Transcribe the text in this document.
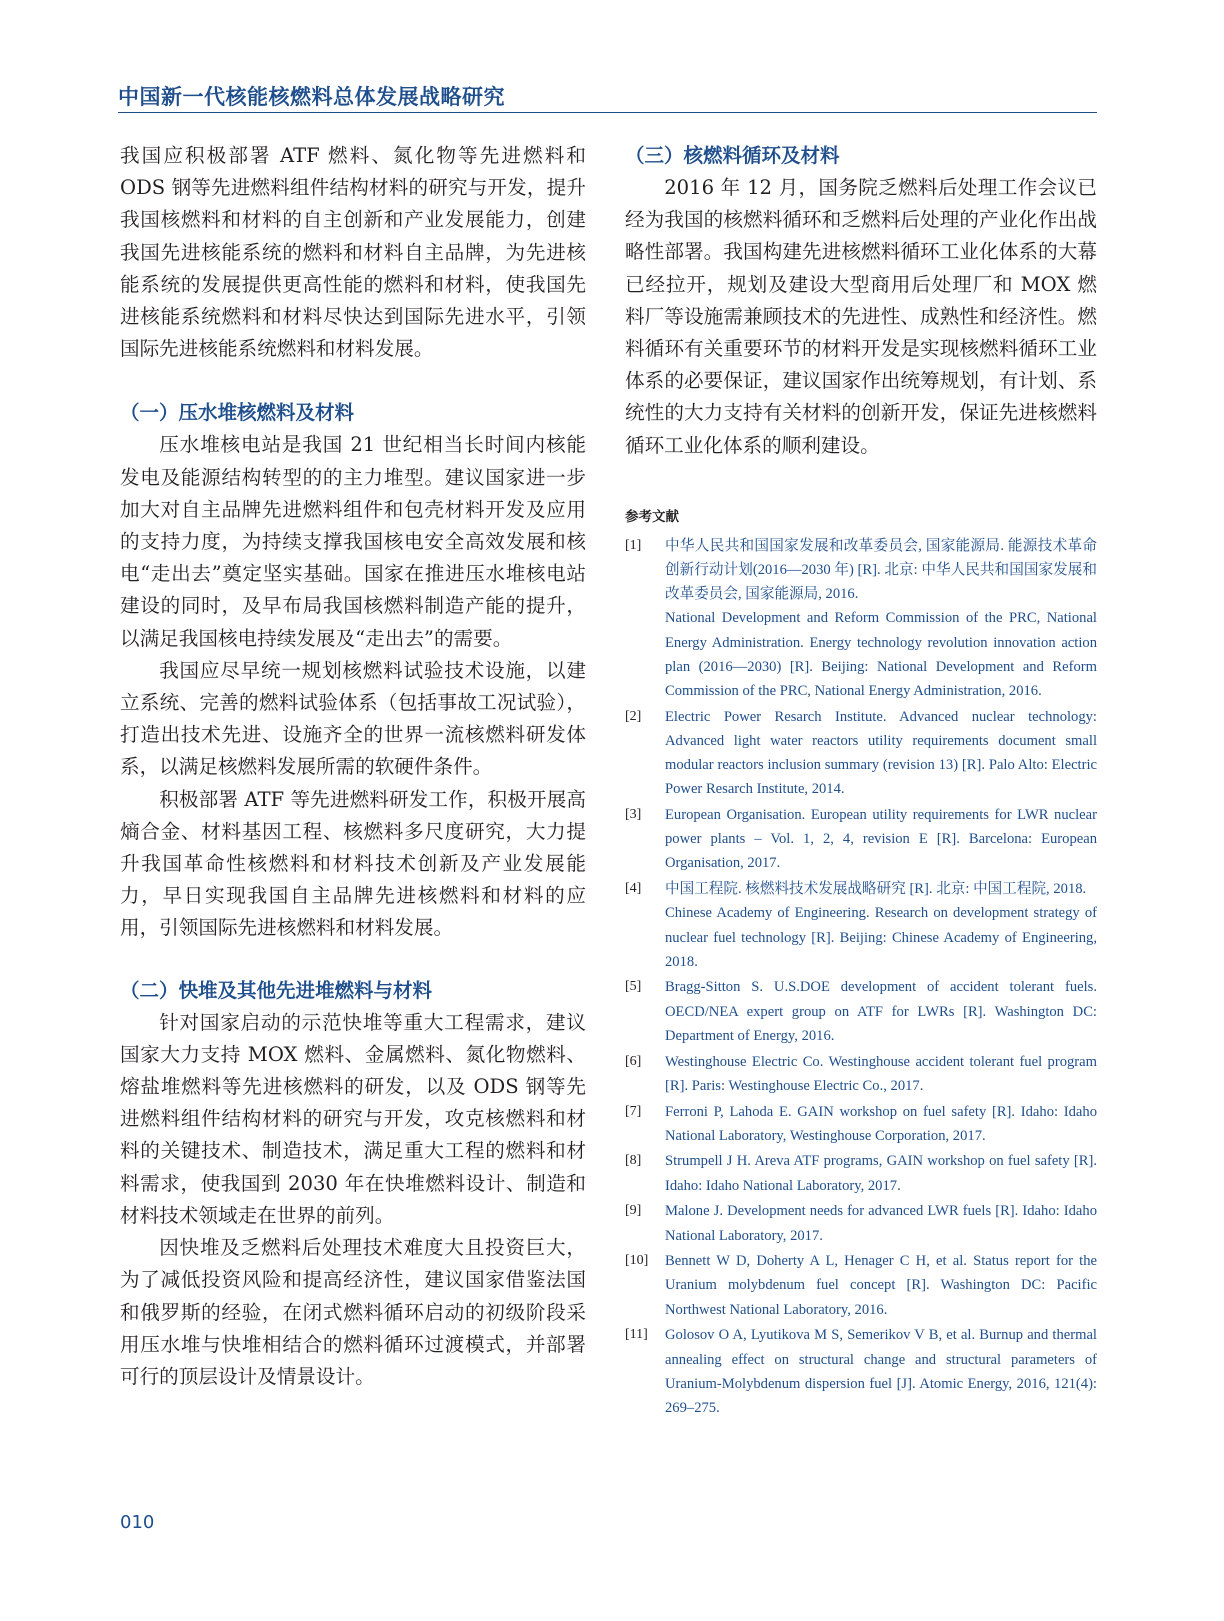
中国新一代核能核燃料总体发展战略研究

我国应积极部署 ATF 燃料、氮化物等先进燃料和 ODS 钢等先进燃料组件结构材料的研究与开发，提升我国核燃料和材料的自主创新和产业发展能力，创建我国先进核能系统的燃料和材料自主品牌，为先进核能系统的发展提供更高性能的燃料和材料，使我国先进核能系统燃料和材料尽快达到国际先进水平，引领国际先进核能系统燃料和材料发展。

（一）压水堆核燃料及材料

压水堆核电站是我国 21 世纪相当长时间内核能发电及能源结构转型的的主力堆型。建议国家进一步加大对自主品牌先进燃料组件和包壳材料开发及应用的支持力度，为持续支撑我国核电安全高效发展和核电“走出去”奠定坚实基础。国家在推进压水堆核电站建设的同时，及早布局我国核燃料制造产能的提升，以满足我国核电持续发展及“走出去”的需要。

我国应尽早统一规划核燃料试验技术设施，以建立系统、完善的燃料试验体系（包括事故工况试验），打造出技术先进、设施齐全的世界一流核燃料研发体系，以满足核燃料发展所需的软硬件条件。

积极部署 ATF 等先进燃料研发工作，积极开展高熵合金、材料基因工程、核燃料多尺度研究，大力提升我国革命性核燃料和材料技术创新及产业发展能力，早日实现我国自主品牌先进核燃料和材料的应用，引领国际先进核燃料和材料发展。

（二）快堆及其他先进堆燃料与材料

针对国家启动的示范快堆等重大工程需求，建议国家大力支持 MOX 燃料、金属燃料、氮化物燃料、熔盐堆燃料等先进核燃料的研发，以及 ODS 钢等先进燃料组件结构材料的研究与开发，攻克核燃料和材料的关键技术、制造技术，满足重大工程的燃料和材料需求，使我国到 2030 年在快堆燃料设计、制造和材料技术领域走在世界的前列。

因快堆及乏燃料后处理技术难度大且投资巨大，为了减低投资风险和提高经济性，建议国家借鉴法国和俄罗斯的经验，在闭式燃料循环启动的初级阶段采用压水堆与快堆相结合的燃料循环过渡模式，并部署可行的顶层设计及情景设计。

（三）核燃料循环及材料

2016 年 12 月，国务院乏燃料后处理工作会议已经为我国的核燃料循环和乏燃料后处理的产业化作出战略性部署。我国构建先进核燃料循环工业化体系的大幕已经拉开，规划及建设大型商用后处理厂和 MOX 燃料厂等设施需兼顾技术的先进性、成熟性和经济性。燃料循环有关重要环节的材料开发是实现核燃料循环工业体系的必要保证，建议国家作出统筹规划，有计划、系统性的大力支持有关材料的创新开发，保证先进核燃料循环工业化体系的顺利建设。

参考文献

[1]	中华人民共和国国家发展和改革委员会, 国家能源局. 能源技术革命创新行动计划(2016—2030 年) [R]. 北京: 中华人民共和国国家发展和改革委员会, 国家能源局, 2016.

National Development and Reform Commission of the PRC, National Energy Administration. Energy technology revolution innovation action plan (2016—2030) [R]. Beijing: National Development and Reform Commission of the PRC, National Energy Administration, 2016.

[2]	Electric Power Resarch Institute. Advanced nuclear technology: Advanced light water reactors utility requirements document small modular reactors inclusion summary (revision 13) [R]. Palo Alto: Electric Power Resarch Institute, 2014.

[3]	European Organisation. European utility requirements for LWR nuclear power plants – Vol. 1, 2, 4, revision E [R]. Barcelona: European Organisation, 2017.

[4]	中国工程院. 核燃料技术发展战略研究 [R]. 北京: 中国工程院, 2018.

Chinese Academy of Engineering. Research on development strategy of nuclear fuel technology [R]. Beijing: Chinese Academy of Engineering, 2018.

[5]	Bragg-Sitton S. U.S.DOE development of accident tolerant fuels. OECD/NEA expert group on ATF for LWRs [R]. Washington DC: Department of Energy, 2016.

[6]	Westinghouse Electric Co. Westinghouse accident tolerant fuel program [R]. Paris: Westinghouse Electric Co., 2017.

[7]	Ferroni P, Lahoda E. GAIN workshop on fuel safety [R]. Idaho: Idaho National Laboratory, Westinghouse Corporation, 2017.

[8]	Strumpell J H. Areva ATF programs, GAIN workshop on fuel safety [R]. Idaho: Idaho National Laboratory, 2017.

[9]	Malone J. Development needs for advanced LWR fuels [R]. Idaho: Idaho National Laboratory, 2017.

[10]	Bennett W D, Doherty A L, Henager C H, et al. Status report for the Uranium molybdenum fuel concept [R]. Washington DC: Pacific Northwest National Laboratory, 2016.

[11]	Golosov O A, Lyutikova M S, Semerikov V B, et al. Burnup and thermal annealing effect on structural change and structural parameters of Uranium-Molybdenum dispersion fuel [J]. Atomic Energy, 2016, 121(4): 269–275.

010
